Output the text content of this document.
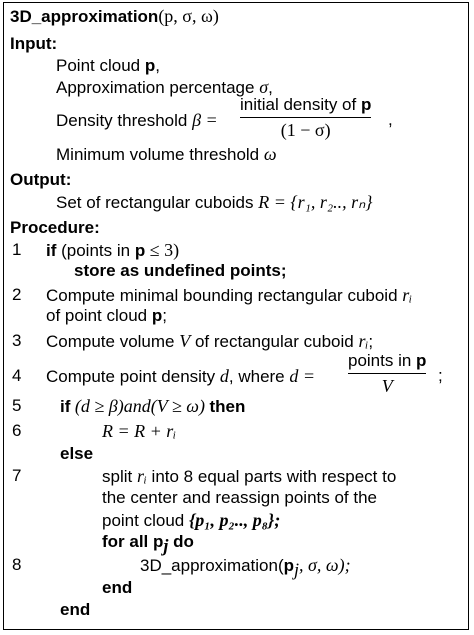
3D_approximation(p, σ, ω)
Input:
Point cloud p,
Approximation percentage σ,
Density threshold β =
initial density of p
(1 − σ)
,
Minimum volume threshold ω
Output:
Set of rectangular cuboids R = {r₁, r₂.., rₙ}
Procedure:
1 if (points in p ≤ 3)
store as undefined points;
2 Compute minimal bounding rectangular cuboid rᵢ
of point cloud p;
3 Compute volume V of rectangular cuboid rᵢ;
4 Compute point density d, where d =
points in p
V
;
5 if (d ≥ β)and(V ≥ ω) then
6	R = R + rᵢ
else
7	split rᵢ into 8 equal parts with respect to
the center and reassign points of the
point cloud {p₁, p₂.., p₈};
for all $p_j$ do
8	$3D\_approximation(p_j$, σ, ω);
end
end
